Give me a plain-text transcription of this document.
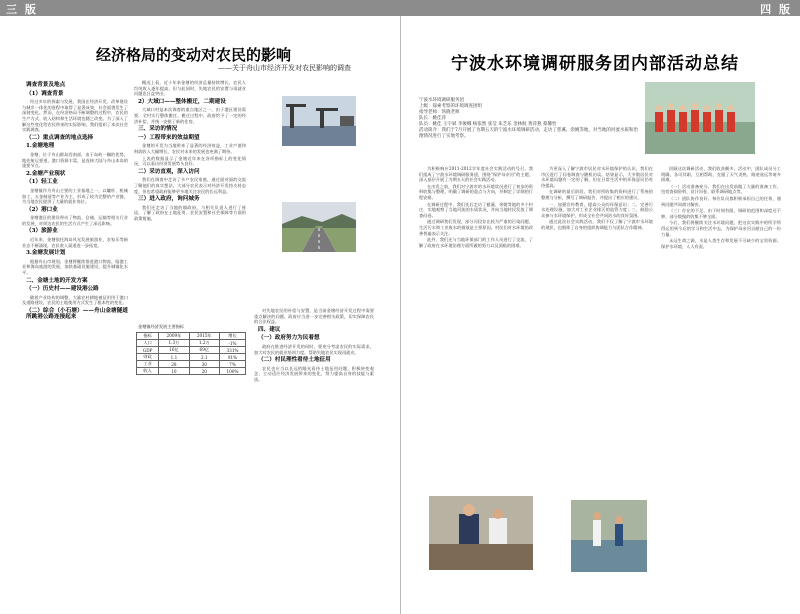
三 版	四 版
经济格局的变动对农民的影响
——关于舟山市经济开发对农民影响的调查
调查背景及地点
（1）调查背景
经过多年的探索与发展，我国在经济开发、改革建设与城乡一体化的进程中取得了显著成效，社会面貌发生了深刻变化。然而，在经济格局不断调整的过程中，农民的生产方式、收入结构和生活环境也随之改变。为了深入了解这些变化给农民带来的实际影响，我们组织了本次社会实践调查。
（二）重点调查的地点选择
1.金塘地理
金塘，位于舟山群岛西南部，由于岛屿一隅的优势，地处航运要道，港口资源丰富，是连接大陆与舟山本岛的重要节点。
2.金塘产业现状
（1）轻工业
金塘镇作为舟山主要的工业基地之一，以螺杆、机械加工、五金制造等产业为主，形成了较为完整的产业链，为当地农民提供了大量的就业岗位。
（2）港口业
金塘港区的建设带动了物流、仓储、运输等相关行业的发展，对周边农民的生活方式产生了深远影响。
（3）旅游业
近年来，金塘依托海岛风光发展旅游业，农家乐等新业态不断涌现，农民收入渠道进一步拓宽。
3.金塘发展计划
根据舟山市规划，金塘将继续推进港口物流、临港工业和海岛旅游的发展，加快基础设施建设，提升城镇化水平。
二、金塘土地的开发方案
（一）历史村——建设港公路
随着产业结构的调整，大量农村耕地被征用用于港口及道路建设，农民的土地使用方式发生了根本性的变化。
（二）综合（小石塘）——舟山金塘隧道所跳港公路连接起来
概况上看，近十年来金塘的经济总量持续增长，农民人均纯收入逐年提高，但与此同时，失地农民的安置与再就业问题也日益突出。
2）大域口——整体搬迁，二期建设
大域口村是本次调查的重点地区之一，由于港区建设需要，全村实行整体搬迁。搬迁过程中，政府给予了一定的经济补偿，并统一安排了新的住房。
三、采访的情况
一）工程带来的效益期望
金塘的开发为当地带来了显著的经济效益，工业产值和财政收入大幅增长，农民对未来的发展也充满了期待。
上表的数据显示了金塘近年来在各项指标上的变化情况，可以看出经济发展势头良好。
二）采访直观，深入访问
我们在调查中走访了多户农民家庭，通过面对面的交流了解他们的真实想法。大部分农民表示对经济开发持支持态度，但也希望政府能够更多地关注农民的长远利益。
三）进入政府，询问城务
我们还走访了当地的镇政府，与相关负责人进行了座谈，了解了政府在土地征用、农民安置和社会保障等方面的政策措施。
对失地农民的补偿与安置，是当前金塘经济开发过程中需要重点解决的问题。政府应当进一步完善相关政策，切实保障农民的合法权益。
四、建议
（一）政府努力为民着想
政府在推进经济开发的同时，要充分考虑农民的实际需求，加大对农民的就业培训力度，帮助失地农民实现再就业。
（二）村民理性看待土地征用
农民也应当以长远的眼光看待土地征用问题，积极转变观念，主动适应经济发展带来的变化，努力提高自身的技能与素质。
金塘镇经济发展主要指标
指标	2009年	2015年	增长
人口	1.3万	1.2万	-1%
GDP	16亿	69亿	331%
财政	1.1	2.1	91%
工业	28	30	7%
收入	10	20	100%
宁波水环境调研服务团内部活动总结
宁波水环境调研服务团
上级：探索考察的环境调查团组
指导老师：汤晓老师
队长：姚佳萍
队员：姚佳 王宇斌 李俊娜 杨依然 张莹 朱芝乐 金林航 黄萍燕 蔡馨怡
活动简介：我们于7月开展了为期五天的宁波水环境调研活动，走访了慈溪、余姚等地，对当地的河流水质和治理情况进行了实地考察。
为积极响应2011-2012学年度社会实践活动的号召，我们组成了宁波水环境调研服务团，围绕“保护母亲河”的主题，深入基层开展了为期五天的社会实践活动。
在出发之前，我们对宁波市的水环境状况进行了初步的资料收集与整理，明确了调研的重点与方向，并制定了详细的行程安排。
在调研过程中，我们先后走访了慈溪、余姚等地的多个村庄，实地观察了当地河流的水质状况，并向当地村民发放了调查问卷。
通过调研我们发现，部分河段存在较为严重的污染问题，生活污水和工业废水的排放是主要原因。村民们对水环境的改善普遍表示关注。
此外，我们还与当地环保部门的工作人员进行了交流，了解了政府在水环境治理方面所做的努力以及面临的困难。
为更深入了解宁波市居民对水环境保护的认识，我们在市区进行了问卷调查与随机访谈。结果显示，大多数居民对水环境问题有一定的了解，但在日常生活中的环保意识仍有待提高。
在调研的最后阶段，我们对所收集的资料进行了系统的整理与分析，撰写了调研报告，并提出了相应的建议。
一、加强宣传教育，提高公众的环保意识；二、完善污水处理设施，加大对工业企业排污的监管力度；三、鼓励公众参与水环境保护，形成全社会共同治水的良好氛围。
通过此次社会实践活动，我们不仅了解了宁波市水环境的现状，也锻炼了自身的组织协调能力与团队合作精神。
回顾这次调研活动，我们收获颇多。活动中，团队成员分工明确，各司其职，互相帮助，克服了天气炎热、路途遥远等诸多困难。
（一）活动准备充分。我们在出发前做了大量的准备工作，包括查阅资料、设计问卷、联系调研地点等。
（二）团队协作良好。每位队员都积极承担自己的任务，遇到问题共同商讨解决。
（三）存在的不足。由于时间有限，调研的范围和深度还不够，部分数据的收集不够全面。
今后，我们将继续关注水环境问题，把这次实践中的所学所得运用到今后的学习和生活中去，为保护母亲河贡献自己的一份力量。
永远生命之源，水是人类生存和发展不可缺少的宝贵资源。保护水环境，人人有责。
